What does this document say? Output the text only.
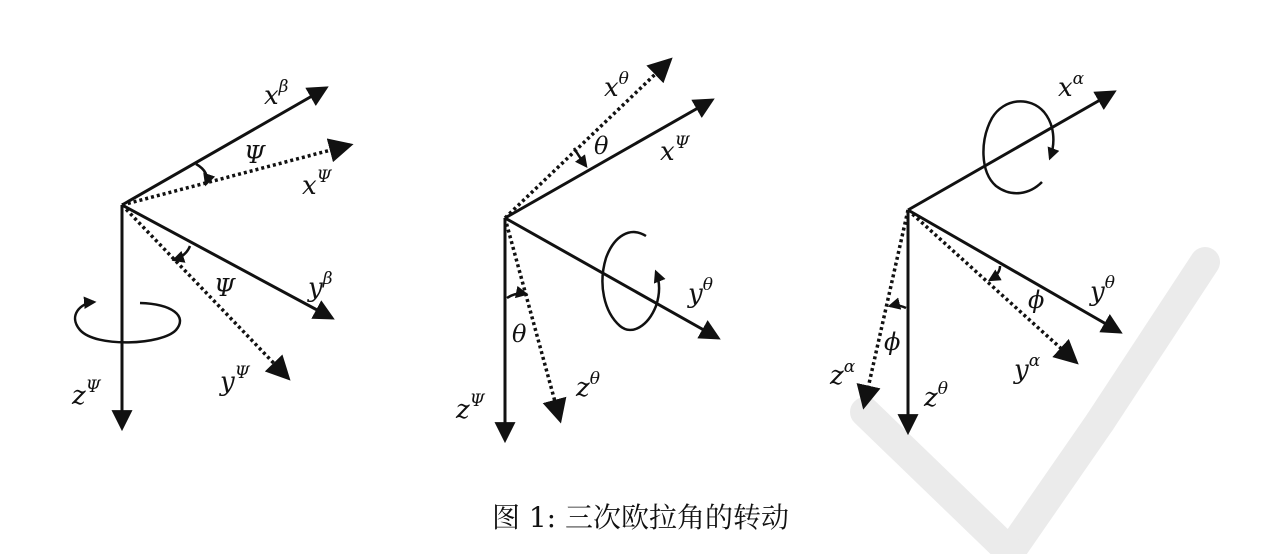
$x^\beta$
Ψ
$x^\Psi$
Ψ	$y^\beta$
$y^\Psi$
$z^\Psi$
$x^\theta$
θ $x^\Psi$
$y^\theta$
θ
$z^\theta$
$z^\Psi$
$x^\alpha$
ϕ $y^\theta$
ϕ
$y^\alpha$
$z^\alpha$
$z^\theta$
图 1: 三次欧拉角的转动
